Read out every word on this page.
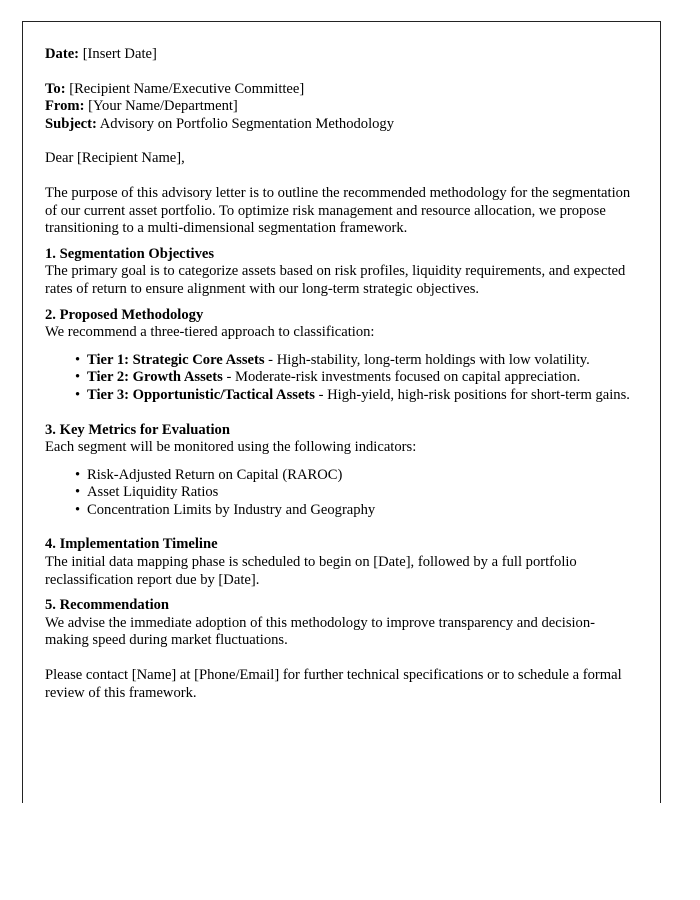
Date: [Insert Date]

To: [Recipient Name/Executive Committee]

From: [Your Name/Department]

Subject: Advisory on Portfolio Segmentation Methodology

Dear [Recipient Name],

The purpose of this advisory letter is to outline the recommended methodology for the segmentation of our current asset portfolio. To optimize risk management and resource allocation, we propose transitioning to a multi-dimensional segmentation framework.

1. Segmentation Objectives

The primary goal is to categorize assets based on risk profiles, liquidity requirements, and expected rates of return to ensure alignment with our long-term strategic objectives.

2. Proposed Methodology

We recommend a three-tiered approach to classification:

• Tier 1: Strategic Core Assets - High-stability, long-term holdings with low volatility.
• Tier 2: Growth Assets - Moderate-risk investments focused on capital appreciation.
• Tier 3: Opportunistic/Tactical Assets - High-yield, high-risk positions for short-term gains.
3. Key Metrics for Evaluation

Each segment will be monitored using the following indicators:

• Risk-Adjusted Return on Capital (RAROC)
• Asset Liquidity Ratios
• Concentration Limits by Industry and Geography
4. Implementation Timeline

The initial data mapping phase is scheduled to begin on [Date], followed by a full portfolio reclassification report due by [Date].

5. Recommendation

We advise the immediate adoption of this methodology to improve transparency and decision-making speed during market fluctuations.

Please contact [Name] at [Phone/Email] for further technical specifications or to schedule a formal review of this framework.
